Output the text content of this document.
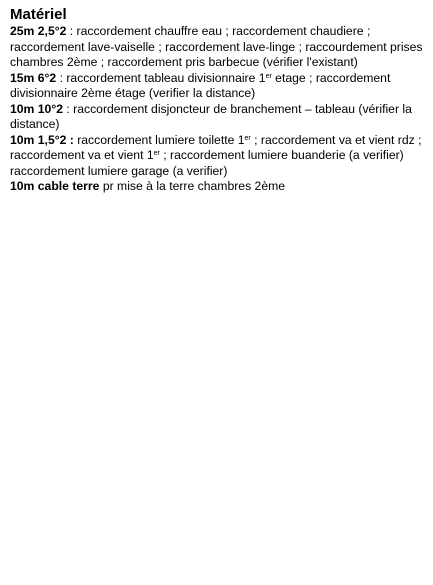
Matériel

25m 2,5°2 : raccordement chauffre eau ; raccordement chaudiere ; raccordement lave-vaiselle ; raccordement lave-linge ; raccourdement prises chambres 2ème ; raccordement pris barbecue (vérifier l'existant)

15m 6°2 : raccordement tableau divisionnaire 1er etage ; raccordement divisionnaire 2ème étage (verifier la distance)

10m 10°2 : raccordement disjoncteur de branchement – tableau (vérifier la distance)

10m 1,5°2 : raccordement lumiere toilette 1er ; raccordement va et vient rdz ; raccordement va et vient 1er ; raccordement lumiere buanderie (a verifier) raccordement lumiere garage (a verifier)

10m cable terre pr mise à la terre chambres 2ème
